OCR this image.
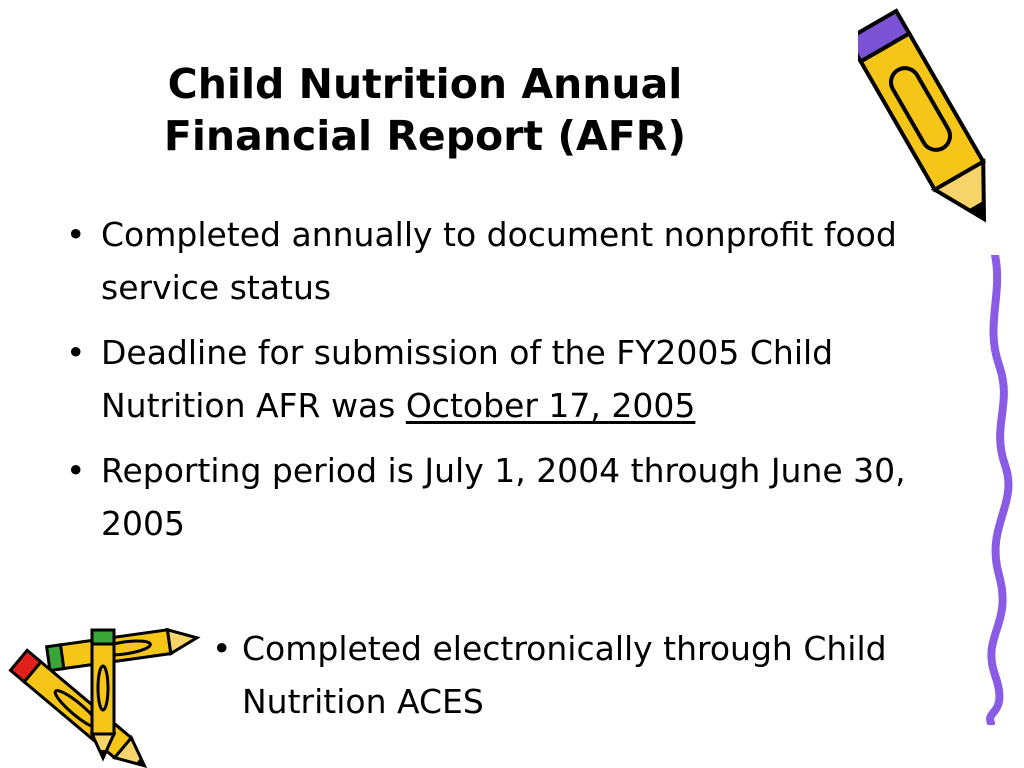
Child Nutrition Annual
Financial Report (AFR)
• Completed annually to document nonprofit food service status
• Deadline for submission of the FY2005 Child Nutrition AFR was October 17, 2005
• Reporting period is July 1, 2004 through June 30, 2005
• Completed electronically through Child Nutrition ACES
